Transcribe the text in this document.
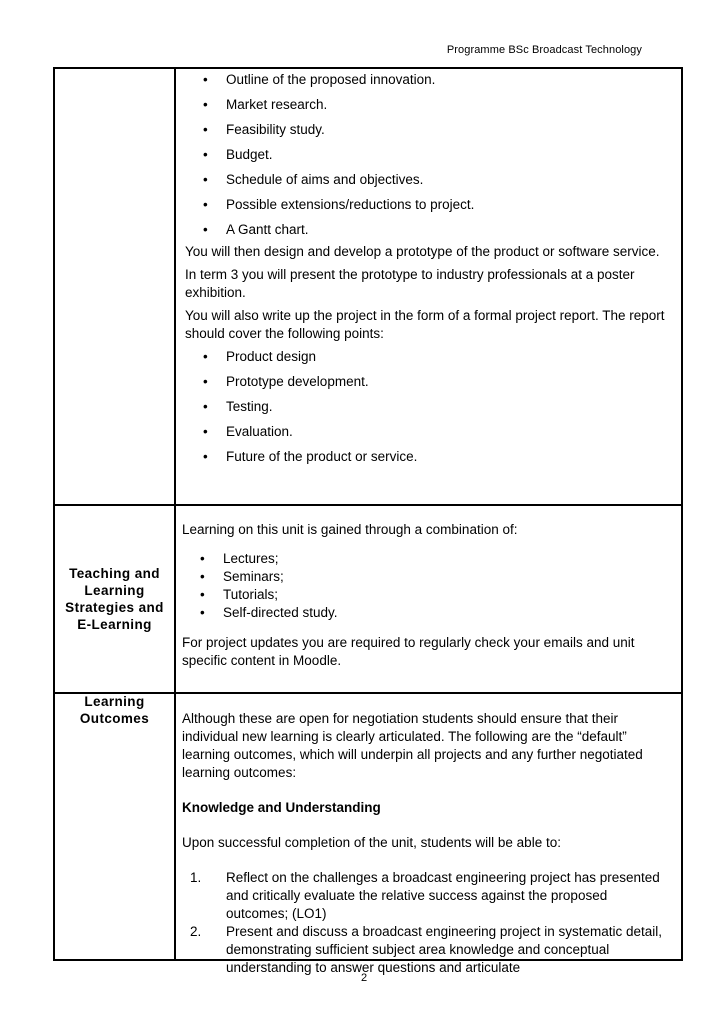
Programme BSc Broadcast Technology
• Outline of the proposed innovation.
• Market research.
• Feasibility study.
• Budget.
• Schedule of aims and objectives.
• Possible extensions/reductions to project.
• A Gantt chart.

You will then design and develop a prototype of the product or software service.

In term 3 you will present the prototype to industry professionals at a poster exhibition.

You will also write up the project in the form of a formal project report. The report should cover the following points:

• Product design
• Prototype development.
• Testing.
• Evaluation.
• Future of the product or service.
Teaching and
Learning
Strategies and
E-Learning

Learning on this unit is gained through a combination of:

• Lectures;
• Seminars;
• Tutorials;
• Self-directed study.

For project updates you are required to regularly check your emails and unit specific content in Moodle.

Learning
Outcomes	Although these are open for negotiation students should ensure that their individual new learning is clearly articulated. The following are the “default” learning outcomes, which will underpin all projects and any further negotiated learning outcomes:

Knowledge and Understanding

Upon successful completion of the unit, students will be able to:

1. Reflect on the challenges a broadcast engineering project has presented and critically evaluate the relative success against the proposed outcomes; (LO1)
2. Present and discuss a broadcast engineering project in systematic detail, demonstrating sufficient subject area knowledge and conceptual understanding to answer questions and articulate
2
